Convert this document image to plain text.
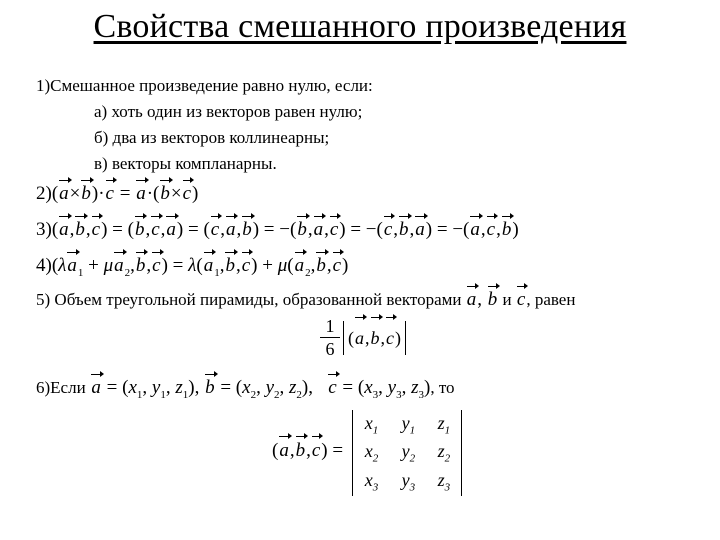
Свойства смешанного произведения
1)Смешанное произведение равно нулю, если:
а) хоть один из векторов равен нулю;
б) два из векторов коллинеарны;
в) векторы компланарны.
2)(a×b)·c = a·(b×c)
3)(a,b,c) = (b,c,a) = (c,a,b) = −(b,a,c) = −(c,b,a) = −(a,c,b)
$4)(\lambda a_1 + \mu a_2,b,c) = \lambda(a_1,b,c) + \mu(a_2,b,c)$
5) Объем треугольной пирамиды, образованной векторами a, b и c, равен
1
6
(a,b,c)
6)Если $a = (x_1$, $y_1$, $z_1$), $b = (x_2$, $y_2$, $z_2$),   $c = (x_3$, $y_3$, $z_3$), то
(a,b,c) =
$x_1$	$y_1$	$z_1$
$x_2$	$y_2$	$z_2$
$x_3$	$y_3$	$z_3$
